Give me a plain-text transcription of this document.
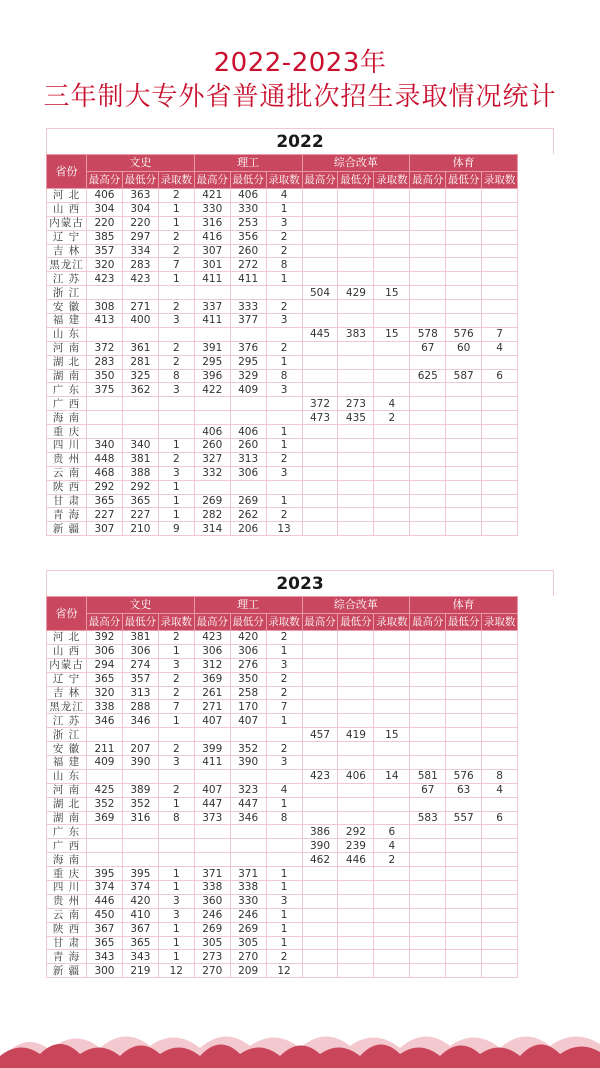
2022-2023年
三年制大专外省普通批次招生录取情况统计
2022
省份	文史			理工			综合改革			体育		
	最高分	最低分	录取数	最高分	最低分	录取数	最高分	最低分	录取数	最高分	最低分	录取数
河 北	406	363	2	421	406	4						
山 西	304	304	1	330	330	1						
内蒙古	220	220	1	316	253	3						
辽 宁	385	297	2	416	356	2						
吉 林	357	334	2	307	260	2						
黑龙江	320	283	7	301	272	8						
江 苏	423	423	1	411	411	1						
浙 江							504	429	15			
安 徽	308	271	2	337	333	2						
福 建	413	400	3	411	377	3						
山 东							445	383	15	578	576	7
河 南	372	361	2	391	376	2				67	60	4
湖 北	283	281	2	295	295	1						
湖 南	350	325	8	396	329	8				625	587	6
广 东	375	362	3	422	409	3						
广 西							372	273	4			
海 南							473	435	2			
重 庆				406	406	1						
四 川	340	340	1	260	260	1						
贵 州	448	381	2	327	313	2						
云 南	468	388	3	332	306	3						
陕 西	292	292	1									
甘 肃	365	365	1	269	269	1						
青 海	227	227	1	282	262	2						
新 疆	307	210	9	314	206	13						
2023
省份	文史			理工			综合改革			体育		
	最高分	最低分	录取数	最高分	最低分	录取数	最高分	最低分	录取数	最高分	最低分	录取数
河 北	392	381	2	423	420	2						
山 西	306	306	1	306	306	1						
内蒙古	294	274	3	312	276	3						
辽 宁	365	357	2	369	350	2						
吉 林	320	313	2	261	258	2						
黑龙江	338	288	7	271	170	7						
江 苏	346	346	1	407	407	1						
浙 江							457	419	15			
安 徽	211	207	2	399	352	2						
福 建	409	390	3	411	390	3						
山 东							423	406	14	581	576	8
河 南	425	389	2	407	323	4				67	63	4
湖 北	352	352	1	447	447	1						
湖 南	369	316	8	373	346	8				583	557	6
广 东							386	292	6			
广 西							390	239	4			
海 南							462	446	2			
重 庆	395	395	1	371	371	1						
四 川	374	374	1	338	338	1						
贵 州	446	420	3	360	330	3						
云 南	450	410	3	246	246	1						
陕 西	367	367	1	269	269	1						
甘 肃	365	365	1	305	305	1						
青 海	343	343	1	273	270	2						
新 疆	300	219	12	270	209	12						
